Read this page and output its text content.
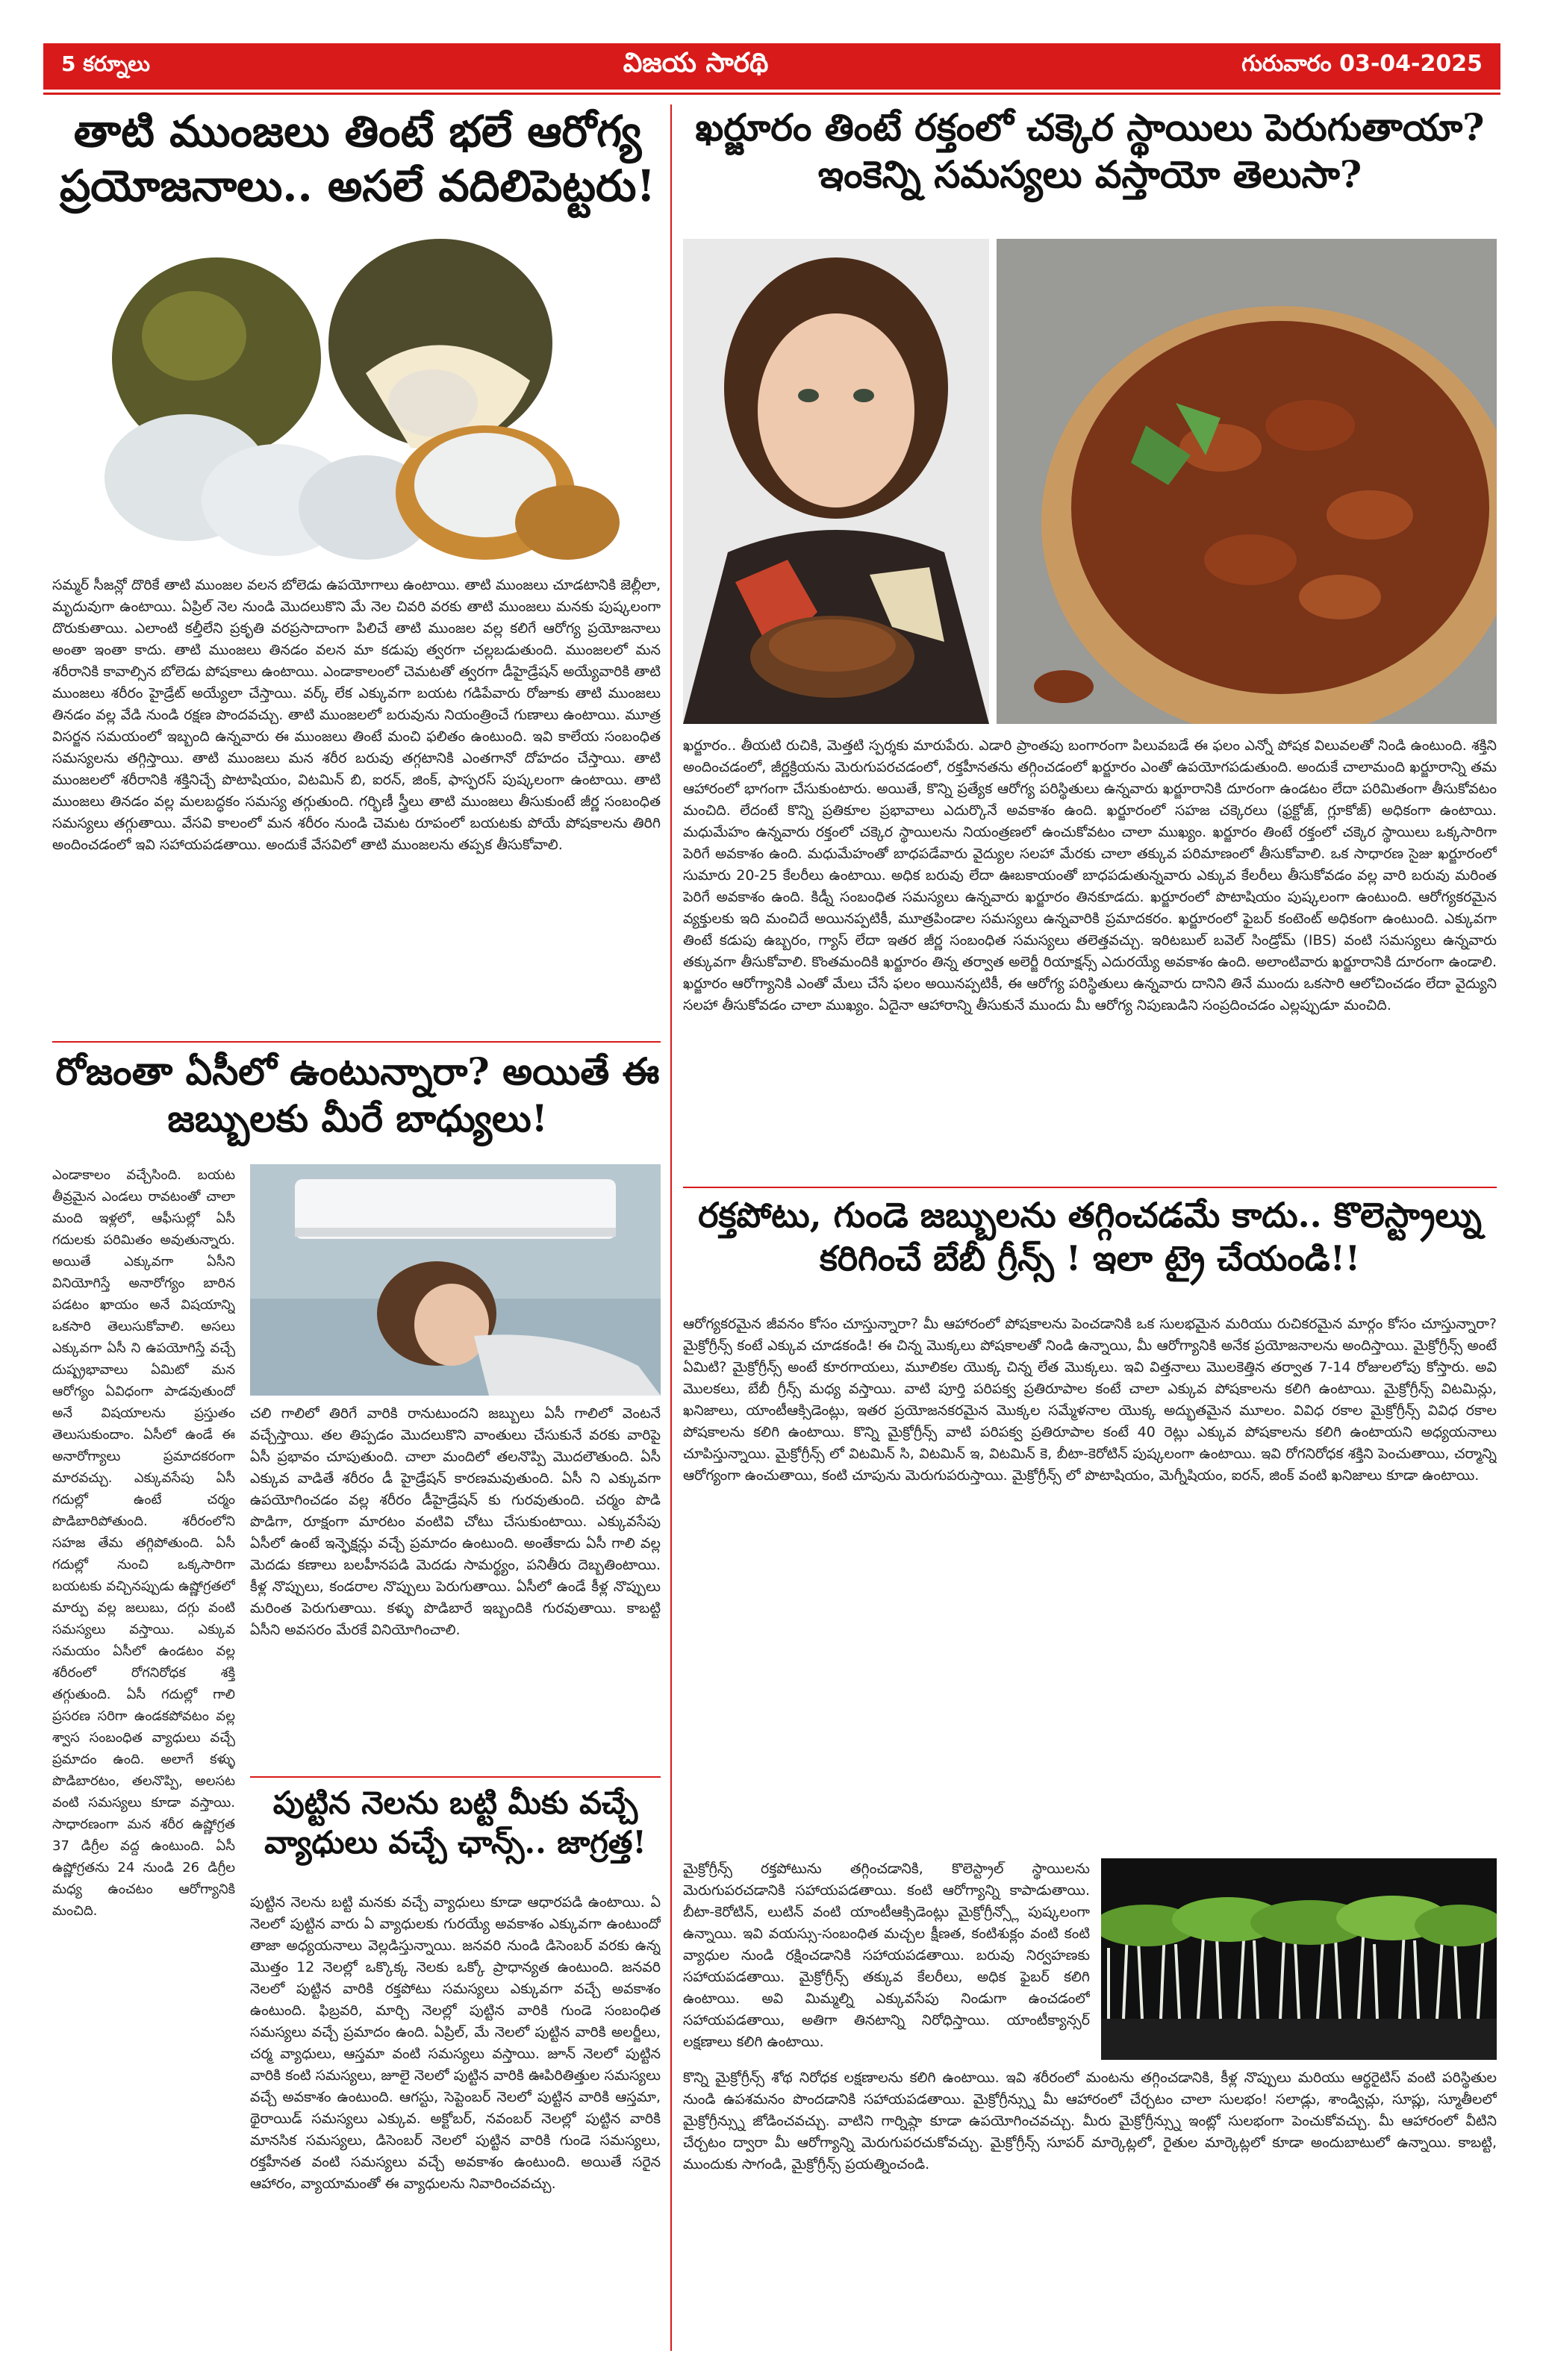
5 కర్నూలు	విజయ సారథి	గురువారం 03-04-2025
తాటి ముంజలు తింటే భలే ఆరోగ్య ప్రయోజనాలు.. అసలే వదిలిపెట్టరు!

సమ్మర్ సీజన్లో దొరికే తాటి ముంజల వలన బోలెడు ఉపయోగాలు ఉంటాయి. తాటి ముంజలు చూడటానికి జెల్లీలా, మృదువుగా ఉంటాయి. ఏప్రిల్ నెల నుండి మొదలుకొని మే నెల చివరి వరకు తాటి ముంజలు మనకు పుష్కలంగా దొరుకుతాయి. ఎలాంటి కల్తీలేని ప్రకృతి వరప్రసాదాంగా పిలిచే తాటి ముంజల వల్ల కలిగే ఆరోగ్య ప్రయోజనాలు అంతా ఇంతా కాదు. తాటి ముంజలు తినడం వలన మా కడుపు త్వరగా చల్లబడుతుంది. ముంజలలో మన శరీరానికి కావాల్సిన బోలెడు పోషకాలు ఉంటాయి. ఎండాకాలంలో చెమటతో త్వరగా డీహైడ్రేషన్ అయ్యేవారికి తాటి ముంజలు శరీరం హైడ్రేట్ అయ్యేలా చేస్తాయి. వర్క్ లేక ఎక్కువగా బయట గడిపేవారు రోజూకు తాటి ముంజలు తినడం వల్ల వేడి నుండి రక్షణ పొందవచ్చు. తాటి ముంజలలో బరువును నియంత్రించే గుణాలు ఉంటాయి. మూత్ర విసర్జన సమయంలో ఇబ్బంది ఉన్నవారు ఈ ముంజలు తింటే మంచి ఫలితం ఉంటుంది. ఇవి కాలేయ సంబంధిత సమస్యలను తగ్గిస్తాయి. తాటి ముంజలు మన శరీర బరువు తగ్గటానికి ఎంతగానో దోహదం చేస్తాయి. తాటి ముంజలలో శరీరానికి శక్తినిచ్చే పొటాషియం, విటమిన్ బి, ఐరన్, జింక్, ఫాస్ఫరస్ పుష్కలంగా ఉంటాయి. తాటి ముంజలు తినడం వల్ల మలబద్ధకం సమస్య తగ్గుతుంది. గర్భిణీ స్త్రీలు తాటి ముంజలు తీసుకుంటే జీర్ణ సంబంధిత సమస్యలు తగ్గుతాయి. వేసవి కాలంలో మన శరీరం నుండి చెమట రూపంలో బయటకు పోయే పోషకాలను తిరిగి అందించడంలో ఇవి సహాయపడతాయి. అందుకే వేసవిలో తాటి ముంజలను తప్పక తీసుకోవాలి.

రోజంతా ఏసీలో ఉంటున్నారా? అయితే ఈ జబ్బులకు మీరే బాధ్యులు!

ఎండాకాలం వచ్చేసింది. బయట తీవ్రమైన ఎండలు రావటంతో చాలా మంది ఇళ్లలో, ఆఫీసుల్లో ఏసీ గదులకు పరిమితం అవుతున్నారు. అయితే ఎక్కువగా ఏసీని వినియోగిస్తే అనారోగ్యం బారిన పడటం ఖాయం అనే విషయాన్ని ఒకసారి తెలుసుకోవాలి. అసలు ఎక్కువగా ఏసీ ని ఉపయోగిస్తే వచ్చే దుష్ప్రభావాలు ఏమిటో మన ఆరోగ్యం ఏవిధంగా పాడవుతుందో అనే విషయాలను ప్రస్తుతం తెలుసుకుందాం. ఏసీలో ఉండే ఈ అనారోగ్యాలు ప్రమాదకరంగా మారవచ్చు. ఎక్కువసేపు ఏసీ గదుల్లో ఉంటే చర్మం పొడిబారిపోతుంది. శరీరంలోని సహజ తేమ తగ్గిపోతుంది. ఏసీ గదుల్లో నుంచి ఒక్కసారిగా బయటకు వచ్చినప్పుడు ఉష్ణోగ్రతలో మార్పు వల్ల జలుబు, దగ్గు వంటి సమస్యలు వస్తాయి. ఎక్కువ సమయం ఏసీలో ఉండటం వల్ల శరీరంలో రోగనిరోధక శక్తి తగ్గుతుంది. ఏసీ గదుల్లో గాలి ప్రసరణ సరిగా ఉండకపోవటం వల్ల శ్వాస సంబంధిత వ్యాధులు వచ్చే ప్రమాదం ఉంది. అలాగే కళ్ళు పొడిబారటం, తలనొప్పి, అలసట వంటి సమస్యలు కూడా వస్తాయి. సాధారణంగా మన శరీర ఉష్ణోగ్రత 37 డిగ్రీల వద్ద ఉంటుంది. ఏసీ ఉష్ణోగ్రతను 24 నుండి 26 డిగ్రీల మధ్య ఉంచటం ఆరోగ్యానికి మంచిది.

చలి గాలిలో తిరిగే వారికి రానుటుందని జబ్బులు ఏసీ గాలిలో వెంటనే వచ్చేస్తాయి. తల తిప్పడం మొదలుకొని వాంతులు చేసుకునే వరకు వారిపై ఏసీ ప్రభావం చూపుతుంది. చాలా మందిలో తలనొప్పి మొదలౌతుంది. ఏసీ ఎక్కువ వాడితే శరీరం డీ హైడ్రేషన్ కారణమవుతుంది. ఏసీ ని ఎక్కువగా ఉపయోగించడం వల్ల శరీరం డీహైడ్రేషన్ కు గురవుతుంది. చర్మం పొడి పొడిగా, రూక్షంగా మారటం వంటివి చోటు చేసుకుంటాయి. ఎక్కువసేపు ఏసీలో ఉంటే ఇన్ఫెక్షన్లు వచ్చే ప్రమాదం ఉంటుంది. అంతేకాదు ఏసీ గాలి వల్ల మెదడు కణాలు బలహీనపడి మెదడు సామర్థ్యం, పనితీరు దెబ్బతింటాయి. కీళ్ల నొప్పులు, కండరాల నొప్పులు పెరుగుతాయి. ఏసీలో ఉండే కీళ్ల నొప్పులు మరింత పెరుగుతాయి. కళ్ళు పొడిబారే ఇబ్బందికి గురవుతాయి. కాబట్టి ఏసీని అవసరం మేరకే వినియోగించాలి.

పుట్టిన నెలను బట్టి మీకు వచ్చే వ్యాధులు వచ్చే ఛాన్స్.. జాగ్రత్త!

పుట్టిన నెలను బట్టి మనకు వచ్చే వ్యాధులు కూడా ఆధారపడి ఉంటాయి. ఏ నెలలో పుట్టిన వారు ఏ వ్యాధులకు గురయ్యే అవకాశం ఎక్కువగా ఉంటుందో తాజా అధ్యయనాలు వెల్లడిస్తున్నాయి. జనవరి నుండి డిసెంబర్ వరకు ఉన్న మొత్తం 12 నెలల్లో ఒక్కొక్క నెలకు ఒక్కో ప్రాధాన్యత ఉంటుంది. జనవరి నెలలో పుట్టిన వారికి రక్తపోటు సమస్యలు ఎక్కువగా వచ్చే అవకాశం ఉంటుంది. ఫిబ్రవరి, మార్చి నెలల్లో పుట్టిన వారికి గుండె సంబంధిత సమస్యలు వచ్చే ప్రమాదం ఉంది. ఏప్రిల్, మే నెలలో పుట్టిన వారికి అలర్జీలు, చర్మ వ్యాధులు, ఆస్తమా వంటి సమస్యలు వస్తాయి. జూన్ నెలలో పుట్టిన వారికి కంటి సమస్యలు, జూలై నెలలో పుట్టిన వారికి ఊపిరితిత్తుల సమస్యలు వచ్చే అవకాశం ఉంటుంది. ఆగస్టు, సెప్టెంబర్ నెలలో పుట్టిన వారికి ఆస్తమా, థైరాయిడ్ సమస్యలు ఎక్కువ. అక్టోబర్, నవంబర్ నెలల్లో పుట్టిన వారికి మానసిక సమస్యలు, డిసెంబర్ నెలలో పుట్టిన వారికి గుండె సమస్యలు, రక్తహీనత వంటి సమస్యలు వచ్చే అవకాశం ఉంటుంది. అయితే సరైన ఆహారం, వ్యాయామంతో ఈ వ్యాధులను నివారించవచ్చు.

ఖర్జూరం తింటే రక్తంలో చక్కెర స్థాయిలు పెరుగుతాయా? ఇంకెన్ని సమస్యలు వస్తాయో తెలుసా?

ఖర్జూరం.. తీయటి రుచికి, మెత్తటి స్పర్శకు మారుపేరు. ఎడారి ప్రాంతపు బంగారంగా పిలువబడే ఈ ఫలం ఎన్నో పోషక విలువలతో నిండి ఉంటుంది. శక్తిని అందించడంలో, జీర్ణక్రియను మెరుగుపరచడంలో, రక్తహీనతను తగ్గించడంలో ఖర్జూరం ఎంతో ఉపయోగపడుతుంది. అందుకే చాలామంది ఖర్జూరాన్ని తమ ఆహారంలో భాగంగా చేసుకుంటారు. అయితే, కొన్ని ప్రత్యేక ఆరోగ్య పరిస్థితులు ఉన్నవారు ఖర్జూరానికి దూరంగా ఉండటం లేదా పరిమితంగా తీసుకోవటం మంచిది. లేదంటే కొన్ని ప్రతికూల ప్రభావాలు ఎదుర్కొనే అవకాశం ఉంది. ఖర్జూరంలో సహజ చక్కెరలు (ఫ్రక్టోజ్, గ్లూకోజ్) అధికంగా ఉంటాయి. మధుమేహం ఉన్నవారు రక్తంలో చక్కెర స్థాయిలను నియంత్రణలో ఉంచుకోవటం చాలా ముఖ్యం. ఖర్జూరం తింటే రక్తంలో చక్కెర స్థాయిలు ఒక్కసారిగా పెరిగే అవకాశం ఉంది. మధుమేహంతో బాధపడేవారు వైద్యుల సలహా మేరకు చాలా తక్కువ పరిమాణంలో తీసుకోవాలి. ఒక సాధారణ సైజు ఖర్జూరంలో సుమారు 20-25 కేలరీలు ఉంటాయి. అధిక బరువు లేదా ఊబకాయంతో బాధపడుతున్నవారు ఎక్కువ కేలరీలు తీసుకోవడం వల్ల వారి బరువు మరింత పెరిగే అవకాశం ఉంది. కిడ్నీ సంబంధిత సమస్యలు ఉన్నవారు ఖర్జూరం తినకూడదు. ఖర్జూరంలో పొటాషియం పుష్కలంగా ఉంటుంది. ఆరోగ్యకరమైన వ్యక్తులకు ఇది మంచిదే అయినప్పటికీ, మూత్రపిండాల సమస్యలు ఉన్నవారికి ప్రమాదకరం. ఖర్జూరంలో ఫైబర్ కంటెంట్ అధికంగా ఉంటుంది. ఎక్కువగా తింటే కడుపు ఉబ్బరం, గ్యాస్ లేదా ఇతర జీర్ణ సంబంధిత సమస్యలు తలెత్తవచ్చు. ఇరిటబుల్ బవెల్ సిండ్రోమ్ (IBS) వంటి సమస్యలు ఉన్నవారు తక్కువగా తీసుకోవాలి. కొంతమందికి ఖర్జూరం తిన్న తర్వాత అలెర్జీ రియాక్షన్స్ ఎదురయ్యే అవకాశం ఉంది. అలాంటివారు ఖర్జూరానికి దూరంగా ఉండాలి. ఖర్జూరం ఆరోగ్యానికి ఎంతో మేలు చేసే ఫలం అయినప్పటికీ, ఈ ఆరోగ్య పరిస్థితులు ఉన్నవారు దానిని తినే ముందు ఒకసారి ఆలోచించడం లేదా వైద్యుని సలహా తీసుకోవడం చాలా ముఖ్యం. ఏదైనా ఆహారాన్ని తీసుకునే ముందు మీ ఆరోగ్య నిపుణుడిని సంప్రదించడం ఎల్లప్పుడూ మంచిది.

రక్తపోటు, గుండె జబ్బులను తగ్గించడమే కాదు.. కొలెస్ట్రాల్ను కరిగించే బేబీ గ్రీన్స్ ! ఇలా ట్రై చేయండి!!

ఆరోగ్యకరమైన జీవనం కోసం చూస్తున్నారా? మీ ఆహారంలో పోషకాలను పెంచడానికి ఒక సులభమైన మరియు రుచికరమైన మార్గం కోసం చూస్తున్నారా? మైక్రోగ్రీన్స్ కంటే ఎక్కువ చూడకండి! ఈ చిన్న మొక్కలు పోషకాలతో నిండి ఉన్నాయి, మీ ఆరోగ్యానికి అనేక ప్రయోజనాలను అందిస్తాయి. మైక్రోగ్రీన్స్ అంటే ఏమిటి? మైక్రోగ్రీన్స్ అంటే కూరగాయలు, మూలికల యొక్క చిన్న లేత మొక్కలు. ఇవి విత్తనాలు మొలకెత్తిన తర్వాత 7-14 రోజులలోపు కోస్తారు. అవి మొలకలు, బేబీ గ్రీన్స్ మధ్య వస్తాయి. వాటి పూర్తి పరిపక్వ ప్రతిరూపాల కంటే చాలా ఎక్కువ పోషకాలను కలిగి ఉంటాయి. మైక్రోగ్రీన్స్ విటమిన్లు, ఖనిజాలు, యాంటీఆక్సిడెంట్లు, ఇతర ప్రయోజనకరమైన మొక్కల సమ్మేళనాల యొక్క అద్భుతమైన మూలం. వివిధ రకాల మైక్రోగ్రీన్స్ వివిధ రకాల పోషకాలను కలిగి ఉంటాయి. కొన్ని మైక్రోగ్రీన్స్ వాటి పరిపక్వ ప్రతిరూపాల కంటే 40 రెట్లు ఎక్కువ పోషకాలను కలిగి ఉంటాయని అధ్యయనాలు చూపిస్తున్నాయి. మైక్రోగ్రీన్స్ లో విటమిన్ సి, విటమిన్ ఇ, విటమిన్ కె, బీటా-కెరోటిన్ పుష్కలంగా ఉంటాయి. ఇవి రోగనిరోధక శక్తిని పెంచుతాయి, చర్మాన్ని ఆరోగ్యంగా ఉంచుతాయి, కంటి చూపును మెరుగుపరుస్తాయి. మైక్రోగ్రీన్స్ లో పొటాషియం, మెగ్నీషియం, ఐరన్, జింక్ వంటి ఖనిజాలు కూడా ఉంటాయి.

మైక్రోగ్రీన్స్ రక్తపోటును తగ్గించడానికి, కొలెస్ట్రాల్ స్థాయిలను మెరుగుపరచడానికి సహాయపడతాయి. కంటి ఆరోగ్యాన్ని కాపాడుతాయి. బీటా-కెరోటిన్, లుటిన్ వంటి యాంటీఆక్సిడెంట్లు మైక్రోగ్రీన్స్లో పుష్కలంగా ఉన్నాయి. ఇవి వయస్సు-సంబంధిత మచ్చల క్షీణత, కంటిశుక్లం వంటి కంటి వ్యాధుల నుండి రక్షించడానికి సహాయపడతాయి. బరువు నిర్వహణకు సహాయపడతాయి. మైక్రోగ్రీన్స్ తక్కువ కేలరీలు, అధిక ఫైబర్ కలిగి ఉంటాయి. అవి మిమ్మల్ని ఎక్కువసేపు నిండుగా ఉంచడంలో సహాయపడతాయి, అతిగా తినటాన్ని నిరోధిస్తాయి. యాంటీక్యాన్సర్ లక్షణాలు కలిగి ఉంటాయి.

కొన్ని మైక్రోగ్రీన్స్ శోథ నిరోధక లక్షణాలను కలిగి ఉంటాయి. ఇవి శరీరంలో మంటను తగ్గించడానికి, కీళ్ల నొప్పులు మరియు ఆర్థరైటిస్ వంటి పరిస్థితుల నుండి ఉపశమనం పొందడానికి సహాయపడతాయి. మైక్రోగ్రీన్స్ను మీ ఆహారంలో చేర్చటం చాలా సులభం! సలాడ్లు, శాండ్విచ్లు, సూప్లు, స్మూతీలలో మైక్రోగ్రీన్స్ను జోడించవచ్చు. వాటిని గార్నిష్గా కూడా ఉపయోగించవచ్చు. మీరు మైక్రోగ్రీన్స్ను ఇంట్లో సులభంగా పెంచుకోవచ్చు. మీ ఆహారంలో వీటిని చేర్చటం ద్వారా మీ ఆరోగ్యాన్ని మెరుగుపరచుకోవచ్చు. మైక్రోగ్రీన్స్ సూపర్ మార్కెట్లలో, రైతుల మార్కెట్లలో కూడా అందుబాటులో ఉన్నాయి. కాబట్టి, ముందుకు సాగండి, మైక్రోగ్రీన్స్ ప్రయత్నించండి.
